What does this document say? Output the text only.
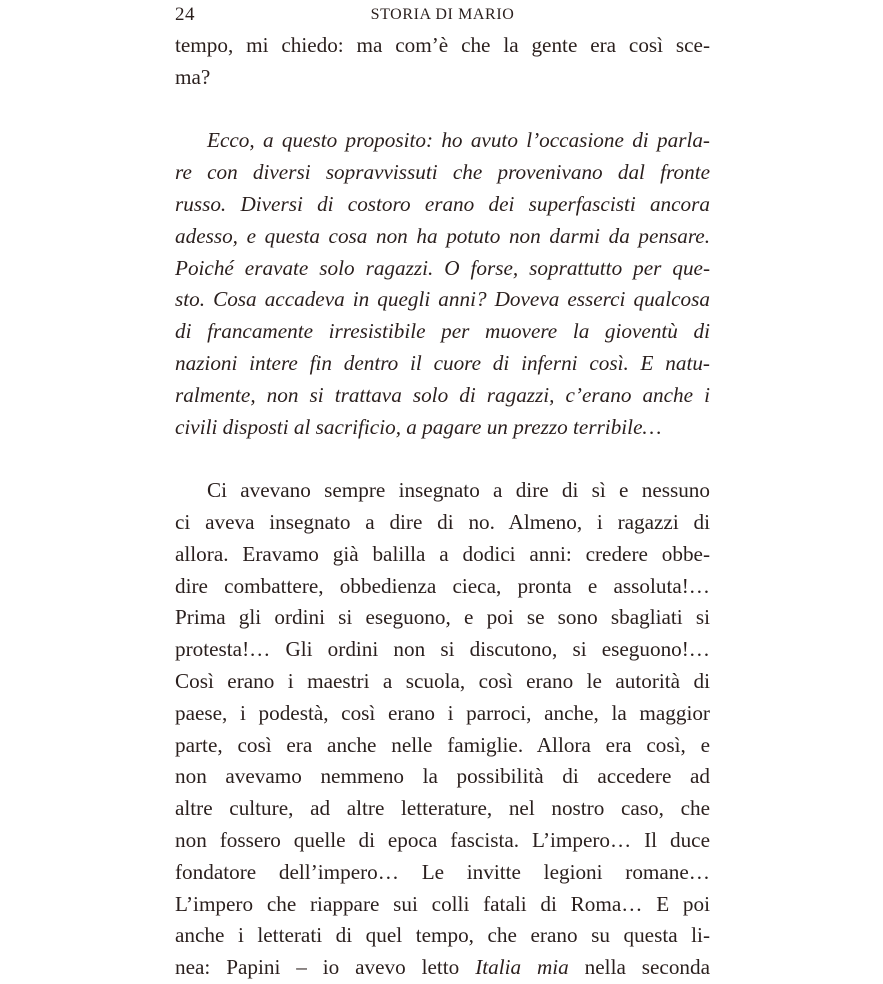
24	STORIA DI MARIO
tempo, mi chiedo: ma com’è che la gente era così sce-
ma?
Ecco, a questo proposito: ho avuto l’occasione di parla-
re con diversi sopravvissuti che provenivano dal fronte
russo. Diversi di costoro erano dei superfascisti ancora
adesso, e questa cosa non ha potuto non darmi da pensare.
Poiché eravate solo ragazzi. O forse, soprattutto per que-
sto. Cosa accadeva in quegli anni? Doveva esserci qualcosa
di francamente irresistibile per muovere la gioventù di
nazioni intere fin dentro il cuore di inferni così. E natu-
ralmente, non si trattava solo di ragazzi, c’erano anche i
civili disposti al sacrificio, a pagare un prezzo terribile…
Ci avevano sempre insegnato a dire di sì e nessuno
ci aveva insegnato a dire di no. Almeno, i ragazzi di
allora. Eravamo già balilla a dodici anni: credere obbe-
dire combattere, obbedienza cieca, pronta e assoluta!…
Prima gli ordini si eseguono, e poi se sono sbagliati si
protesta!… Gli ordini non si discutono, si eseguono!…
Così erano i maestri a scuola, così erano le autorità di
paese, i podestà, così erano i parroci, anche, la maggior
parte, così era anche nelle famiglie. Allora era così, e
non avevamo nemmeno la possibilità di accedere ad
altre culture, ad altre letterature, nel nostro caso, che
non fossero quelle di epoca fascista. L’impero… Il duce
fondatore dell’impero… Le invitte legioni romane…
L’impero che riappare sui colli fatali di Roma… E poi
anche i letterati di quel tempo, che erano su questa li-
nea: Papini – io avevo letto Italia mia nella seconda
